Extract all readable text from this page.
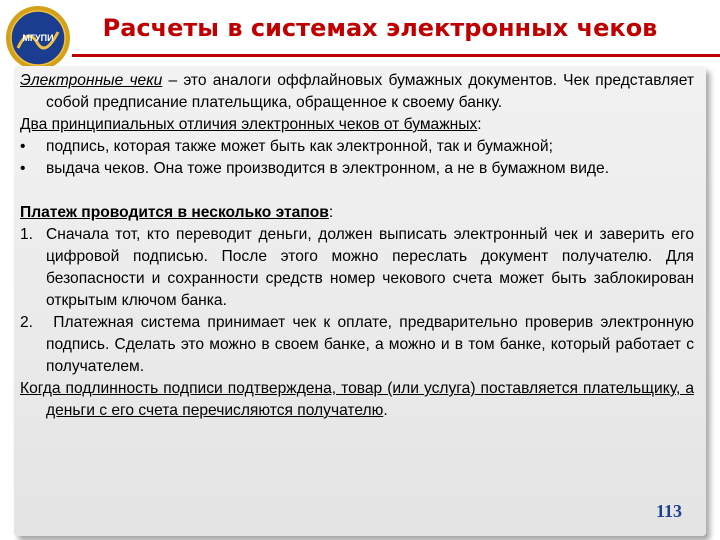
МГУПИ	Расчеты в системах электронных чеков

Электронные чеки – это аналоги оффлайновых бумажных документов. Чек представляет собой предписание плательщика, обращенное к своему банку.

Два принципиальных отличия электронных чеков от бумажных:

• подпись, которая также может быть как электронной, так и бумажной;

• выдача чеков. Она тоже производится в электронном, а не в бумажном виде.

Платеж проводится в несколько этапов:

1. Сначала тот, кто переводит деньги, должен выписать электронный чек и заверить его цифровой подписью. После этого можно переслать документ получателю. Для безопасности и сохранности средств номер чекового счета может быть заблокирован открытым ключом банка.

2. Платежная система принимает чек к оплате, предварительно проверив электронную подпись. Сделать это можно в своем банке, а можно и в том банке, который работает с получателем.

Когда подлинность подписи подтверждена, товар (или услуга) поставляется плательщику, а деньги с его счета перечисляются получателю.

113
